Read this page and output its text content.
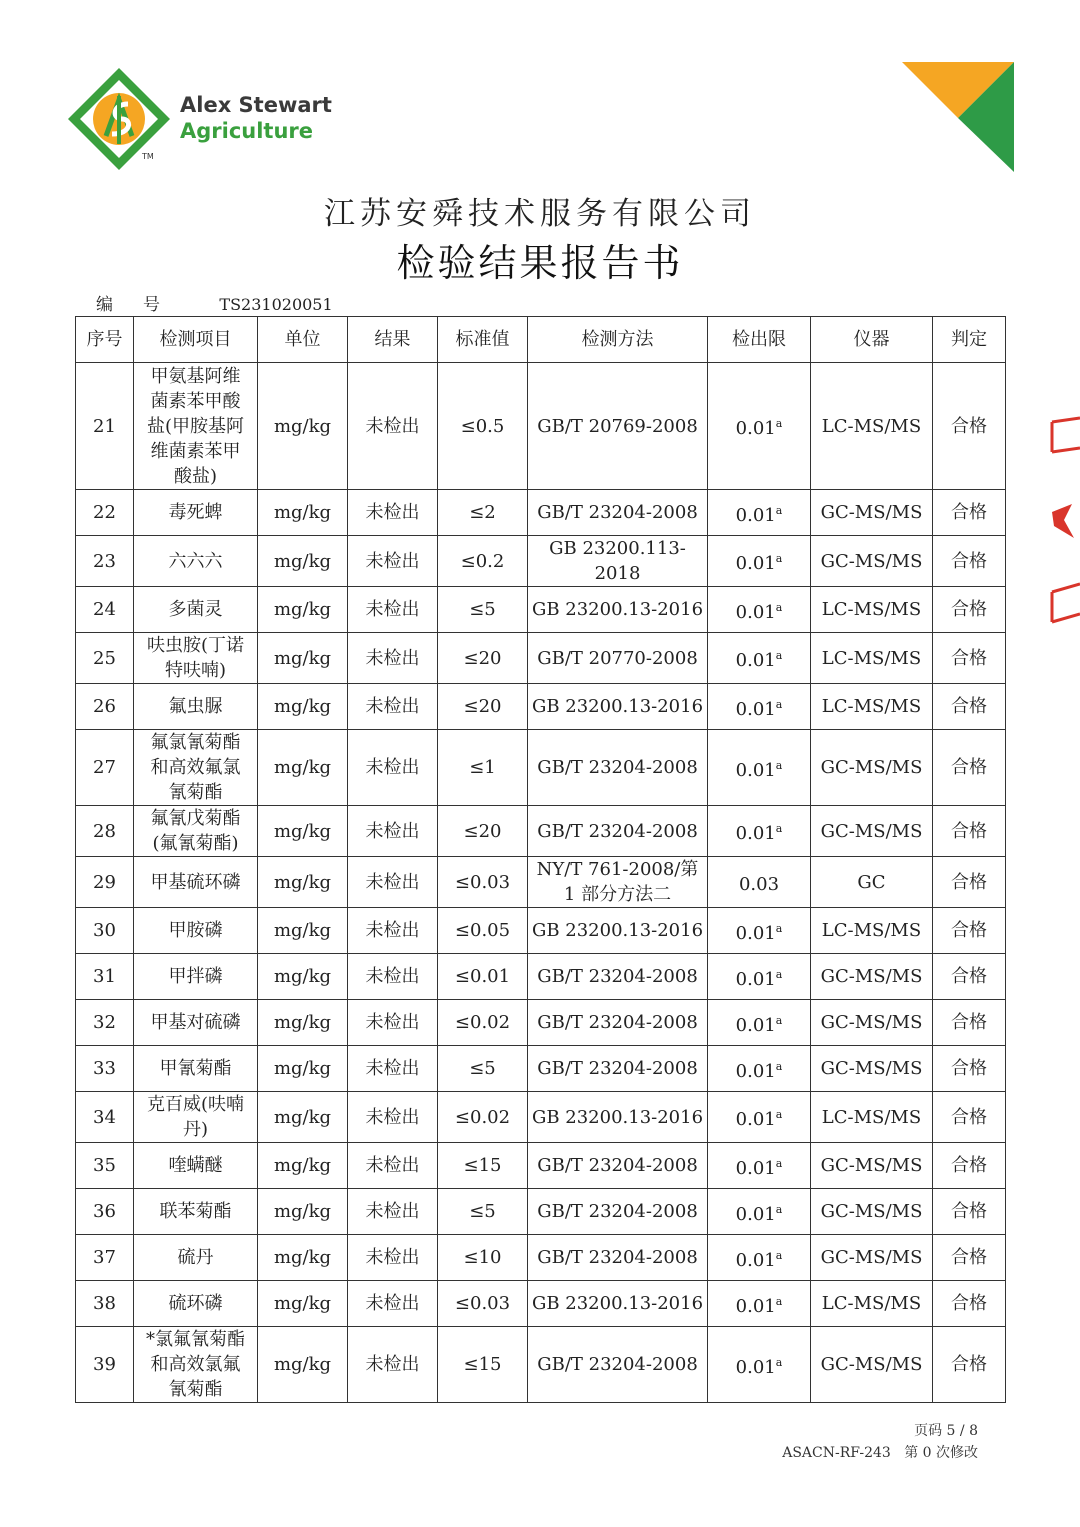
Alex Stewart
Agriculture
TM
江苏安舜技术服务有限公司
检验结果报告书
编号 TS231020051
序号	检测项目	单位	结果	标准值	检测方法	检出限	仪器	判定
21	甲氨基阿维菌素苯甲酸盐(甲胺基阿维菌素苯甲酸盐)	mg/kg	未检出	≤0.5	GB/T 20769-2008	0.01$^a$	LC-MS/MS	合格
22	毒死蜱	mg/kg	未检出	≤2	GB/T 23204-2008	0.01$^a$	GC-MS/MS	合格
23	六六六	mg/kg	未检出	≤0.2	GB 23200.113-2018	0.01$^a$	GC-MS/MS	合格
24	多菌灵	mg/kg	未检出	≤5	GB 23200.13-2016	0.01$^a$	LC-MS/MS	合格
25	呋虫胺(丁诺特呋喃)	mg/kg	未检出	≤20	GB/T 20770-2008	0.01$^a$	LC-MS/MS	合格
26	氟虫脲	mg/kg	未检出	≤20	GB 23200.13-2016	0.01$^a$	LC-MS/MS	合格
27	氟氯氰菊酯和高效氟氯氰菊酯	mg/kg	未检出	≤1	GB/T 23204-2008	0.01$^a$	GC-MS/MS	合格
28	氟氰戊菊酯(氟氰菊酯)	mg/kg	未检出	≤20	GB/T 23204-2008	0.01$^a$	GC-MS/MS	合格
29	甲基硫环磷	mg/kg	未检出	≤0.03	NY/T 761-2008/第 1 部分方法二	0.03	GC	合格
30	甲胺磷	mg/kg	未检出	≤0.05	GB 23200.13-2016	0.01$^a$	LC-MS/MS	合格
31	甲拌磷	mg/kg	未检出	≤0.01	GB/T 23204-2008	0.01$^a$	GC-MS/MS	合格
32	甲基对硫磷	mg/kg	未检出	≤0.02	GB/T 23204-2008	0.01$^a$	GC-MS/MS	合格
33	甲氰菊酯	mg/kg	未检出	≤5	GB/T 23204-2008	0.01$^a$	GC-MS/MS	合格
34	克百威(呋喃丹)	mg/kg	未检出	≤0.02	GB 23200.13-2016	0.01$^a$	LC-MS/MS	合格
35	喹螨醚	mg/kg	未检出	≤15	GB/T 23204-2008	0.01$^a$	GC-MS/MS	合格
36	联苯菊酯	mg/kg	未检出	≤5	GB/T 23204-2008	0.01$^a$	GC-MS/MS	合格
37	硫丹	mg/kg	未检出	≤10	GB/T 23204-2008	0.01$^a$	GC-MS/MS	合格
38	硫环磷	mg/kg	未检出	≤0.03	GB 23200.13-2016	0.01$^a$	LC-MS/MS	合格
39	*氯氟氰菊酯和高效氯氟氰菊酯	mg/kg	未检出	≤15	GB/T 23204-2008	0.01$^a$	GC-MS/MS	合格
页码 5 / 8
ASACN-RF-243 第 0 次修改
